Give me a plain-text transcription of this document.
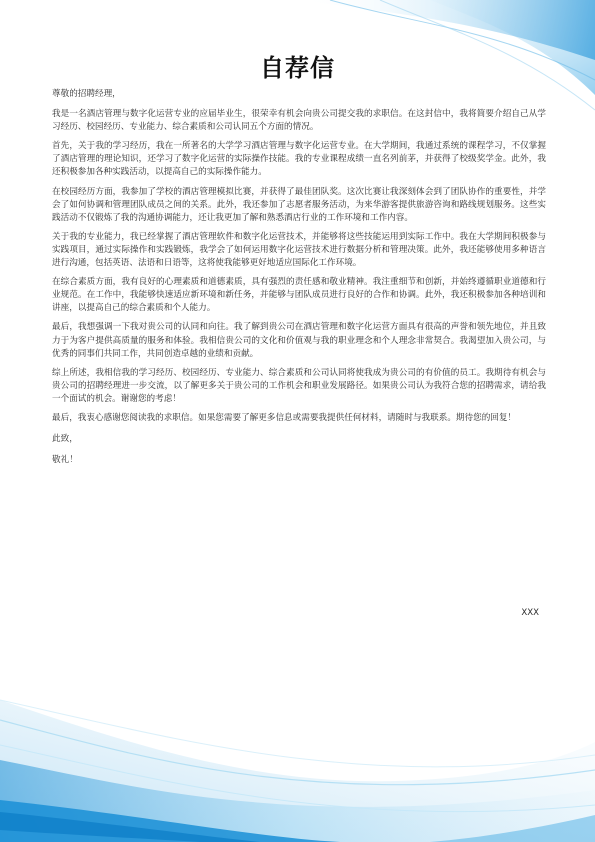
自荐信

尊敬的招聘经理，

我是一名酒店管理与数字化运营专业的应届毕业生，很荣幸有机会向贵公司提交我的求职信。在这封信中，我将简要介绍自己从学习经历、校园经历、专业能力、综合素质和公司认同五个方面的情况。

首先，关于我的学习经历，我在一所著名的大学学习酒店管理与数字化运营专业。在大学期间，我通过系统的课程学习，不仅掌握了酒店管理的理论知识，还学习了数字化运营的实际操作技能。我的专业课程成绩一直名列前茅，并获得了校级奖学金。此外，我还积极参加各种实践活动，以提高自己的实际操作能力。

在校园经历方面，我参加了学校的酒店管理模拟比赛，并获得了最佳团队奖。这次比赛让我深刻体会到了团队协作的重要性，并学会了如何协调和管理团队成员之间的关系。此外，我还参加了志愿者服务活动，为来华游客提供旅游咨询和路线规划服务。这些实践活动不仅锻炼了我的沟通协调能力，还让我更加了解和熟悉酒店行业的工作环境和工作内容。

关于我的专业能力，我已经掌握了酒店管理软件和数字化运营技术，并能够将这些技能运用到实际工作中。我在大学期间积极参与实践项目，通过实际操作和实践锻炼，我学会了如何运用数字化运营技术进行数据分析和管理决策。此外，我还能够使用多种语言进行沟通，包括英语、法语和日语等，这将使我能够更好地适应国际化工作环境。

在综合素质方面，我有良好的心理素质和道德素质，具有强烈的责任感和敬业精神。我注重细节和创新，并始终遵循职业道德和行业规范。在工作中，我能够快速适应新环境和新任务，并能够与团队成员进行良好的合作和协调。此外，我还积极参加各种培训和讲座，以提高自己的综合素质和个人能力。

最后，我想强调一下我对贵公司的认同和向往。我了解到贵公司在酒店管理和数字化运营方面具有很高的声誉和领先地位，并且致力于为客户提供高质量的服务和体验。我相信贵公司的文化和价值观与我的职业理念和个人理念非常契合。我渴望加入贵公司，与优秀的同事们共同工作，共同创造卓越的业绩和贡献。

综上所述，我相信我的学习经历、校园经历、专业能力、综合素质和公司认同将使我成为贵公司的有价值的员工。我期待有机会与贵公司的招聘经理进一步交流，以了解更多关于贵公司的工作机会和职业发展路径。如果贵公司认为我符合您的招聘需求，请给我一个面试的机会。谢谢您的考虑！

最后，我衷心感谢您阅读我的求职信。如果您需要了解更多信息或需要我提供任何材料，请随时与我联系。期待您的回复！

此致，

敬礼！

XXX
